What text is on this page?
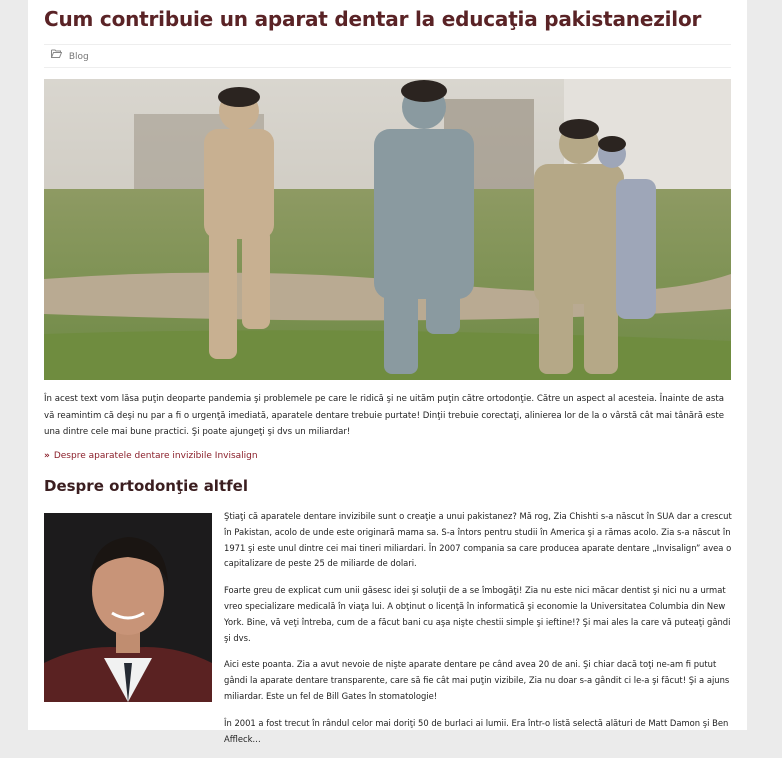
Cum contribuie un aparat dentar la educaţia pakistanezilor
Blog

În acest text vom lăsa puţin deoparte pandemia şi problemele pe care le ridică şi ne uităm puţin către ortodonţie. Către un aspect al acesteia. Înainte de asta vă reamintim că deşi nu par a fi o urgenţă imediată, aparatele dentare trebuie purtate! Dinţii trebuie corectaţi, alinierea lor de la o vârstă cât mai tânără este una dintre cele mai bune practici. Şi poate ajungeţi şi dvs un miliardar!

» Despre aparatele dentare invizibile Invisalign
Despre ortodonţie altfel

Ştiaţi că aparatele dentare invizibile sunt o creaţie a unui pakistanez? Mă rog, Zia Chishti s-a născut în SUA dar a crescut în Pakistan, acolo de unde este originară mama sa. S-a întors pentru studii în America şi a rămas acolo. Zia s-a născut în 1971 şi este unul dintre cei mai tineri miliardari. În 2007 compania sa care producea aparate dentare „Invisalign” avea o capitalizare de peste 25 de miliarde de dolari.

Foarte greu de explicat cum unii găsesc idei şi soluţii de a se îmbogăţi! Zia nu este nici măcar dentist şi nici nu a urmat vreo specializare medicală în viaţa lui. A obţinut o licenţă în informatică şi economie la Universitatea Columbia din New York. Bine, vă veţi întreba, cum de a făcut bani cu aşa nişte chestii simple şi ieftine!? Şi mai ales la care vă puteaţi gândi şi dvs.

Aici este poanta. Zia a avut nevoie de nişte aparate dentare pe când avea 20 de ani. Şi chiar dacă toţi ne-am fi putut gândi la aparate dentare transparente, care să fie cât mai puţin vizibile, Zia nu doar s-a gândit ci le-a şi făcut! Şi a ajuns miliardar. Este un fel de Bill Gates în stomatologie!

În 2001 a fost trecut în rândul celor mai doriţi 50 de burlaci ai lumii. Era într-o listă selectă alături de Matt Damon şi Ben Affleck…
